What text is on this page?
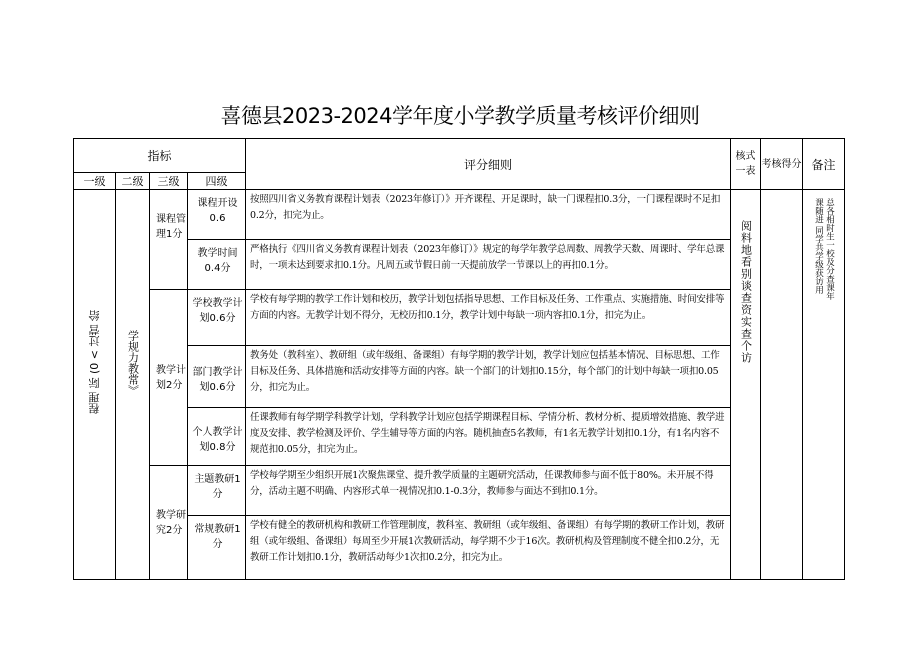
喜德县2023-2024学年度小学教学质量考核评价细则
指标				评分细则	核式一表	考核得分	备注
一级	二级	三级	四级				

程理 际 (0 < 过营 给	学规力教常》	课程管理1分	课程开设0.6	按照四川省义务教育课程计划表（2023年修订）》开齐课程、开足课时，缺一门课程扣0.3分，一门课程课时不足扣0.2分，扣完为止。	阅料地看别谈查资实查个访		总各相时生一校及分查课年课随进 同学共学级获访用

			教学时间0.4分	严格执行《四川省义务教育课程计划表（2023年修订）》规定的每学年教学总周数、周教学天数、周课时、学年总课时，一项未达到要求扣0.1分。凡周五或节假日前一天提前放学一节课以上的再扣0.1分。			
		教学计划2分	学校教学计划0.6分	学校有每学期的教学工作计划和校历，教学计划包括指导思想、工作目标及任务、工作重点、实施措施、时间安排等方面的内容。无教学计划不得分，无校历扣0.1分，教学计划中每缺一项内容扣0.1分，扣完为止。			
			部门教学计划0.6分	教务处（教科室）、教研组（或年级组、备课组）有每学期的教学计划，教学计划应包括基本情况、目标思想、工作目标及任务、具体措施和活动安排等方面的内容。缺一个部门的计划扣0.15分，每个部门的计划中每缺一项扣0.05分，扣完为止。			
			个人教学计划0.8分	任课教师有每学期学科教学计划，学科教学计划应包括学期课程目标、学情分析、教材分析、提质增效措施、教学进度及安排、教学检测及评价、学生辅导等方面的内容。随机抽查5名教师，有1名无教学计划扣0.1分，有1名内容不规范扣0.05分，扣完为止。			
		教学研究2分	主题教研1分	学校每学期至少组织开展1次聚焦课堂、提升教学质量的主题研究活动，任课教师参与面不低于80%。未开展不得分，活动主题不明确、内容形式单一视情况扣0.1-0.3分，教师参与面达不到扣0.1分。			
			常规教研1分	学校有健全的教研机构和教研工作管理制度，教科室、教研组（或年级组、备课组）有每学期的教研工作计划，教研组（或年级组、备课组）每周至少开展1次教研活动，每学期不少于16次。教研机构及管理制度不健全扣0.2分，无教研工作计划扣0.1分，教研活动每少1次扣0.2分，扣完为止。			
